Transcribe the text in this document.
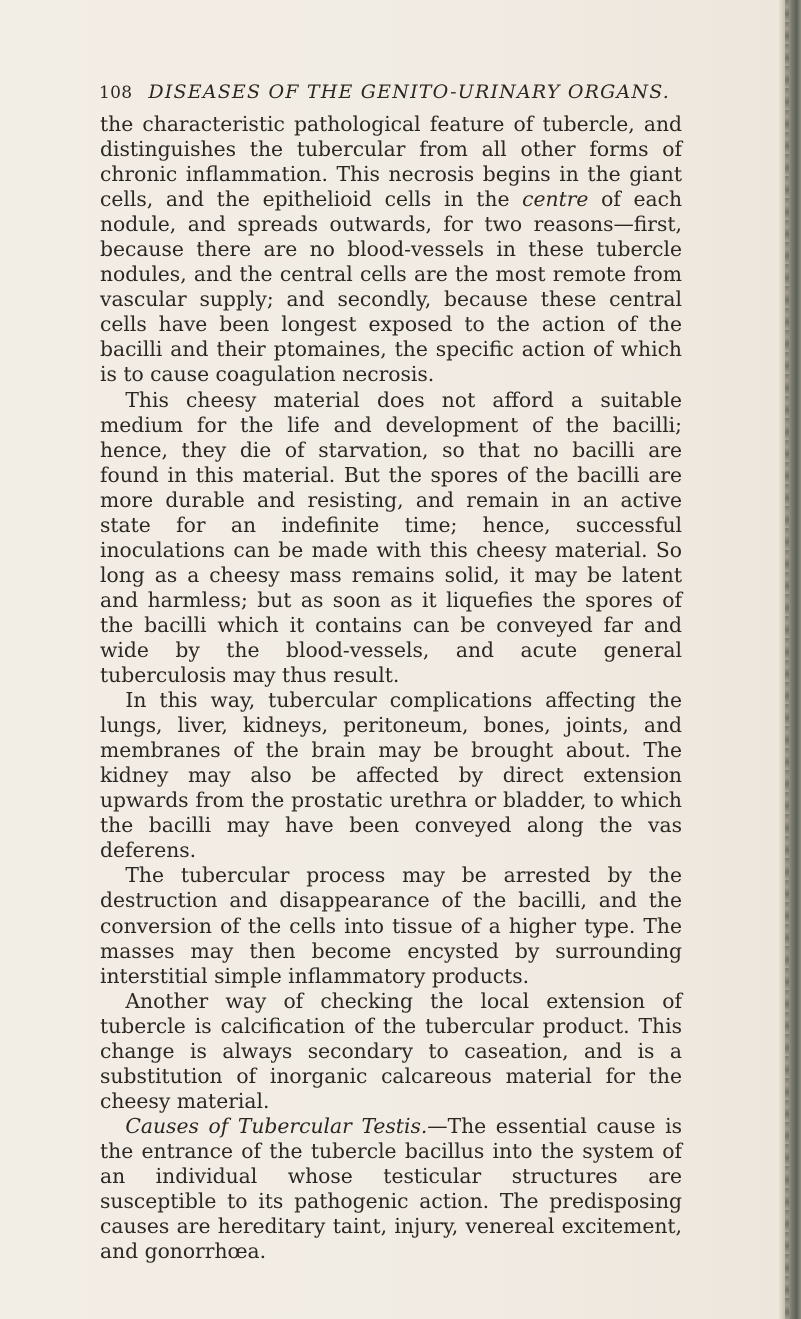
108 DISEASES OF THE GENITO-URINARY ORGANS.

the characteristic pathological feature of tubercle, and distinguishes the tubercular from all other forms of chronic inflammation. This necrosis begins in the giant cells, and the epithelioid cells in the centre of each nodule, and spreads outwards, for two reasons—first, because there are no blood-vessels in these tubercle nodules, and the central cells are the most remote from vascular supply; and secondly, because these central cells have been longest exposed to the action of the bacilli and their ptomaines, the specific action of which is to cause coagulation necrosis.

This cheesy material does not afford a suitable medium for the life and development of the bacilli; hence, they die of starvation, so that no bacilli are found in this material. But the spores of the bacilli are more durable and resisting, and remain in an active state for an indefinite time; hence, successful inoculations can be made with this cheesy material. So long as a cheesy mass remains solid, it may be latent and harmless; but as soon as it liquefies the spores of the bacilli which it contains can be conveyed far and wide by the blood-vessels, and acute general tuberculosis may thus result.

In this way, tubercular complications affecting the lungs, liver, kidneys, peritoneum, bones, joints, and membranes of the brain may be brought about. The kidney may also be affected by direct extension upwards from the prostatic urethra or bladder, to which the bacilli may have been conveyed along the vas deferens.

The tubercular process may be arrested by the destruction and disappearance of the bacilli, and the conversion of the cells into tissue of a higher type. The masses may then become encysted by surrounding interstitial simple inflammatory products.

Another way of checking the local extension of tubercle is calcification of the tubercular product. This change is always secondary to caseation, and is a substitution of inorganic calcareous material for the cheesy material.

Causes of Tubercular Testis.—The essential cause is the entrance of the tubercle bacillus into the system of an individual whose testicular structures are susceptible to its pathogenic action. The predisposing causes are hereditary taint, injury, venereal excitement, and gonorrhœa.
